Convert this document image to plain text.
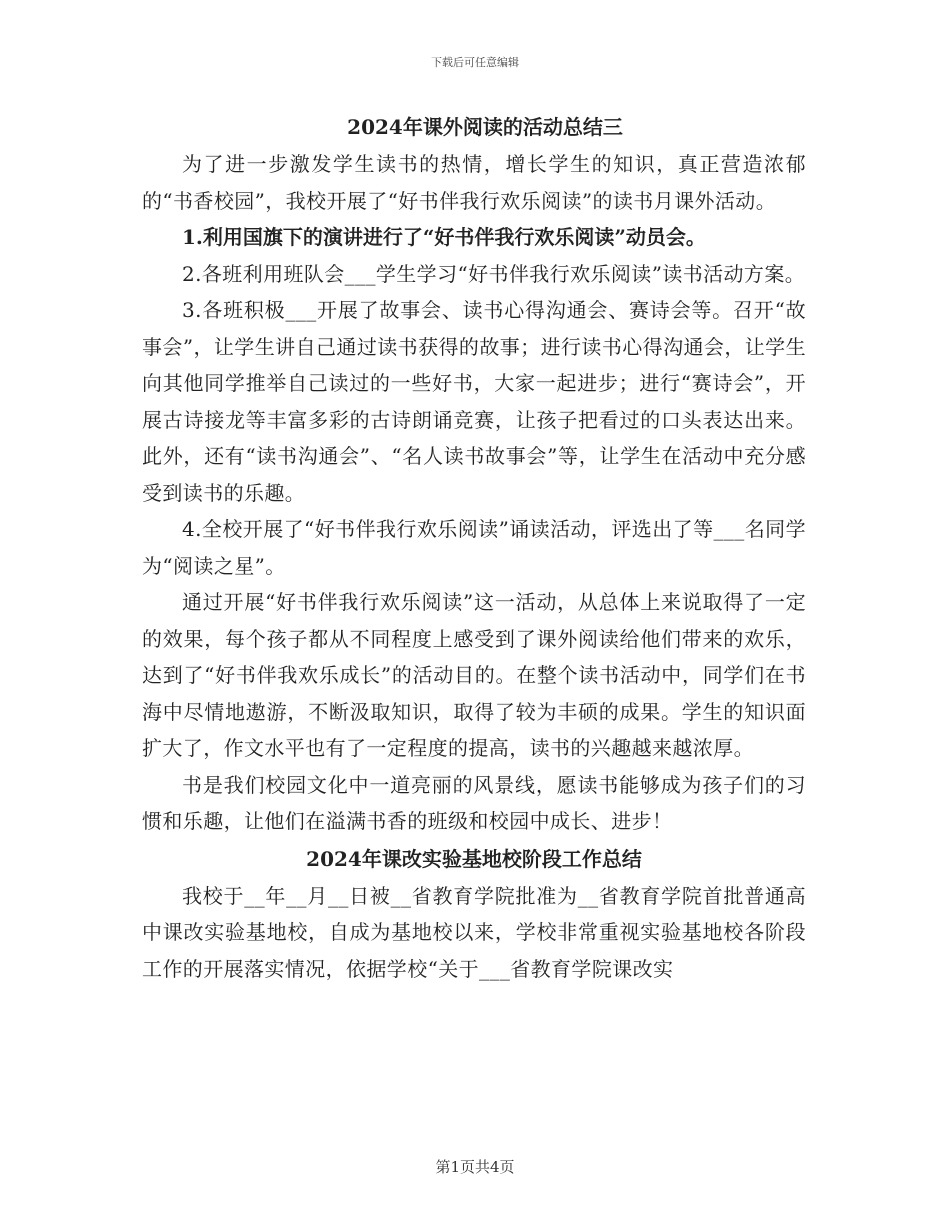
下载后可任意编辑
2024年课外阅读的活动总结三

为了进一步激发学生读书的热情，增长学生的知识，真正营造浓郁的“书香校园”，我校开展了“好书伴我行欢乐阅读”的读书月课外活动。

1.利用国旗下的演讲进行了“好书伴我行欢乐阅读”动员会。

2.各班利用班队会___学生学习“好书伴我行欢乐阅读”读书活动方案。

3.各班积极___开展了故事会、读书心得沟通会、赛诗会等。召开“故事会”，让学生讲自己通过读书获得的故事；进行读书心得沟通会，让学生向其他同学推举自己读过的一些好书，大家一起进步；进行“赛诗会”，开展古诗接龙等丰富多彩的古诗朗诵竞赛，让孩子把看过的口头表达出来。此外，还有“读书沟通会”、“名人读书故事会”等，让学生在活动中充分感受到读书的乐趣。

4.全校开展了“好书伴我行欢乐阅读”诵读活动，评选出了等___名同学为“阅读之星”。

通过开展“好书伴我行欢乐阅读”这一活动，从总体上来说取得了一定的效果，每个孩子都从不同程度上感受到了课外阅读给他们带来的欢乐，达到了“好书伴我欢乐成长”的活动目的。在整个读书活动中，同学们在书海中尽情地遨游，不断汲取知识，取得了较为丰硕的成果。学生的知识面扩大了，作文水平也有了一定程度的提高，读书的兴趣越来越浓厚。

书是我们校园文化中一道亮丽的风景线，愿读书能够成为孩子们的习惯和乐趣，让他们在溢满书香的班级和校园中成长、进步！

2024年课改实验基地校阶段工作总结

我校于__年__月__日被__省教育学院批准为__省教育学院首批普通高中课改实验基地校，自成为基地校以来，学校非常重视实验基地校各阶段工作的开展落实情况，依据学校“关于___省教育学院课改实

第1页共4页
